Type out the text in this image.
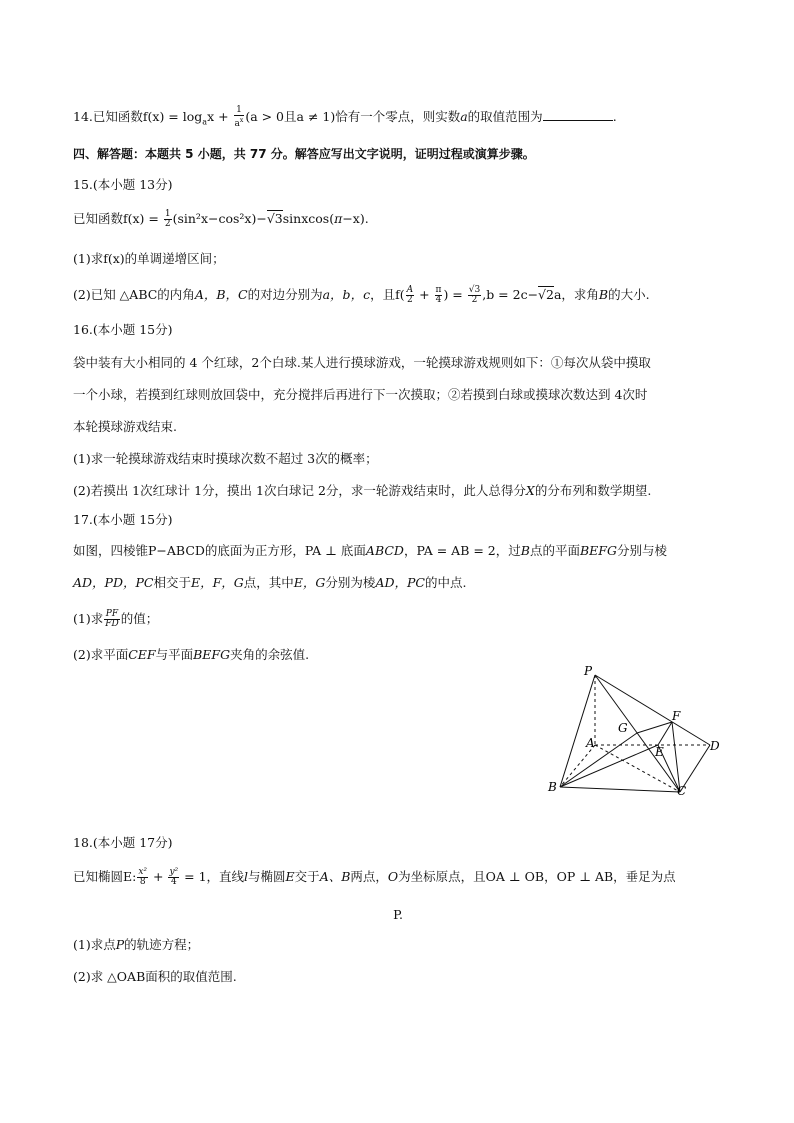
14.已知函数$f(x) = \log_ax + \frac{1}{a^x} (a > 0$且a ≠ 1)恰有一个零点，则实数a的取值范围为	.
四、解答题：本题共 5 小题，共 77 分。解答应写出文字说明，证明过程或演算步骤。
15.(本小题 13分)
已知函数$f(x) = \frac{1}{2}$ (sin²x−cos²x)−√3sinxcos(π−x).
(1)求f(x)的单调递增区间；
(2)已知 △ABC的内角A，B，C的对边分别为a，b，c，且$f( \frac{A}{2} + \frac{\pi}{4}$ ) = $\frac{√3}{2} ,b = 2c-√2a$，求角B的大小.
16.(本小题 15分)
袋中装有大小相同的 4 个红球，2个白球.某人进行摸球游戏，一轮摸球游戏规则如下：①每次从袋中摸取
一个小球，若摸到红球则放回袋中，充分搅拌后再进行下一次摸取；②若摸到白球或摸球次数达到 4次时
本轮摸球游戏结束.
(1)求一轮摸球游戏结束时摸球次数不超过 3次的概率；
(2)若摸出 1次红球计 1分，摸出 1次白球记 2分，求一轮游戏结束时，此人总得分X的分布列和数学期望.
17.(本小题 15分)
如图，四棱锥P−ABCD的底面为正方形，PA ⊥ 底面ABCD，PA = AB = 2，过B点的平面BEFG分别与棱
AD，PD，PC相交于E，F，G点，其中E，G分别为棱AD，PC的中点.
(1)求 $\frac{PF}{FD}$ 的值；
(2)求平面CEF与平面BEFG夹角的余弦值.
P
G
F
A
E	D
B	C
18.(本小题 17分)
已知椭圆E: $\frac{\text{x²}}{8} + \frac{\text{y²}}{4} = 1$，直线l与椭圆E交于A、B两点，O为坐标原点，且OA ⊥ OB，OP ⊥ AB，垂足为点
P.
(1)求点P的轨迹方程；
(2)求 △OAB面积的取值范围.
